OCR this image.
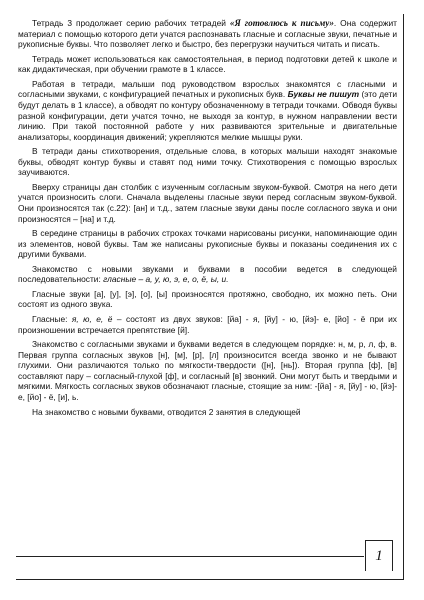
Тетрадь 3 продолжает серию рабочих тетрадей «Я готовлюсь к письму». Она содержит материал с помощью которого дети учатся распознавать гласные и согласные звуки, печатные и рукописные буквы. Что позволяет легко и быстро, без перегрузки научиться читать и писать.

Тетрадь может использоваться как самостоятельная, в период подготовки детей к школе и как дидактическая, при обучении грамоте в 1 классе.

Работая в тетради, малыши под руководством взрослых знакомятся с гласными и согласными звуками, с конфигурацией печатных и рукописных букв. Буквы не пишут (это дети будут делать в 1 классе), а обводят по контуру обозначенному в тетради точками. Обводя буквы разной конфигурации, дети учатся точно, не выходя за контур, в нужном направлении вести линию. При такой постоянной работе у них развиваются зрительные и двигательные анализаторы, координация движений; укрепляются мелкие мышцы руки.

В тетради даны стихотворения, отдельные слова, в которых малыши находят знакомые буквы, обводят контур буквы и ставят под ними точку. Стихотворения с помощью взрослых заучиваются.

Вверху страницы дан столбик с изученным согласным звуком-буквой. Смотря на него дети учатся произносить слоги. Сначала выделены гласные звуки перед согласным звуком-буквой. Они произносятся так (с.22): [ан] и т.д., затем гласные звуки даны после согласного звука и они произносятся – [на] и т.д.

В середине страницы в рабочих строках точками нарисованы рисунки, напоминающие один из элементов, новой буквы. Там же написаны рукописные буквы и показаны соединения их с другими буквами.

Знакомство с новыми звуками и буквами в пособии ведется в следующей последовательности: гласные – а, у, ю, э, е, о, ё, ы, и.

Гласные звуки [а], [у], [э], [о], [ы] произносятся протяжно, свободно, их можно петь. Они состоят из одного звука.

Гласные: я, ю, е, ё – состоят из двух звуков: [йа] - я, [йу] - ю, [йэ]- е, [йо] - ё при их произношении встречается препятствие [й].

Знакомство с согласными звуками и буквами ведется в следующем порядке: н, м, р, л, ф, в. Первая группа согласных звуков [н], [м], [р], [л] произносится всегда звонко и не бывают глухими. Они различаются только по мягкости-твердости ([н], [нь]). Вторая группа [ф], [в] составляют пару – согласный-глухой [ф], и согласный [в] звонкий. Они могут быть и твердыми и мягкими. Мягкость согласных звуков обозначают гласные, стоящие за ним: -[йа] - я, [йу] - ю, [йэ]- е, [йо] - ё, [и], ь.

На знакомство с новыми буквами, отводится 2 занятия в следующей

1
